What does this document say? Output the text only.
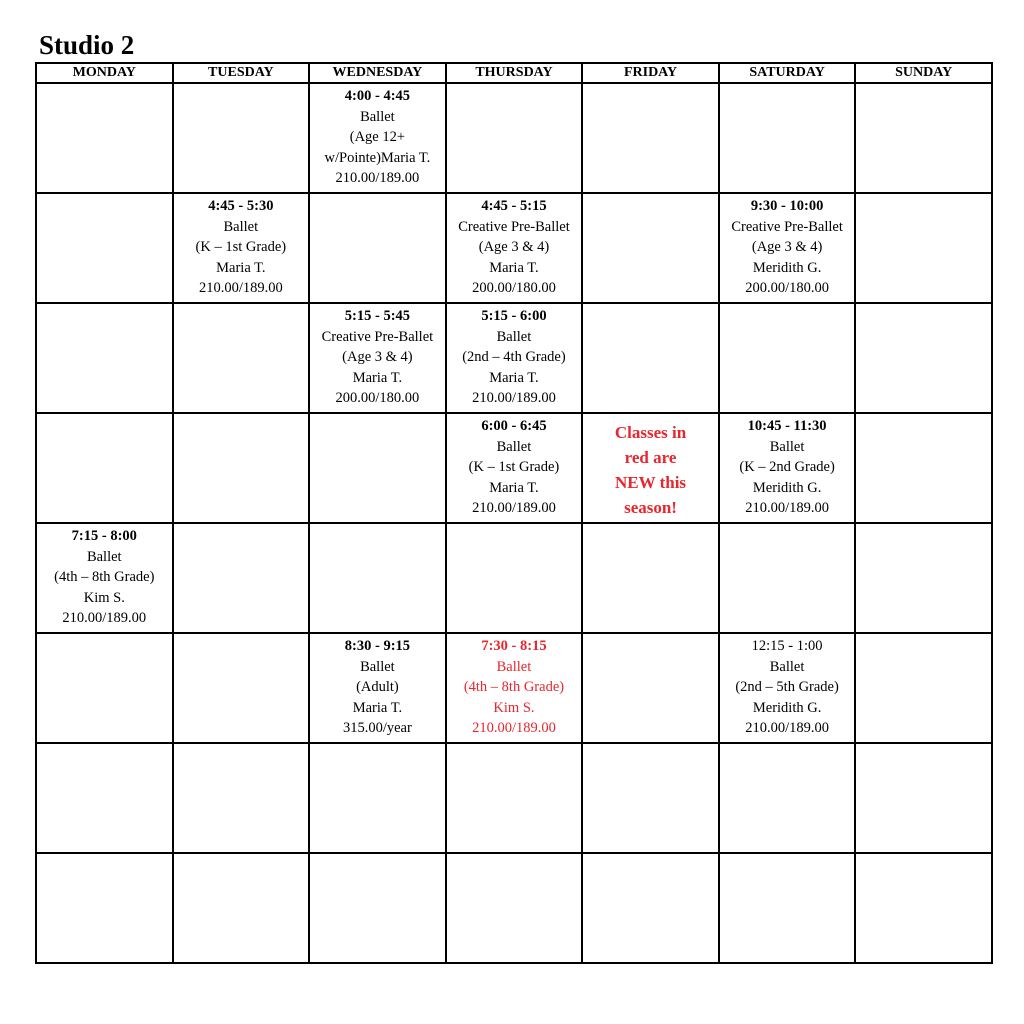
Studio 2
MONDAY	TUESDAY	WEDNESDAY	THURSDAY	FRIDAY	SATURDAY	SUNDAY

		4:00 - 4:45
Ballet
(Age 12+
w/Pointe)Maria T.
210.00/189.00				

	4:45 - 5:30
Ballet
(K – 1st Grade)
Maria T.
210.00/189.00		4:45 - 5:15
Creative Pre-Ballet
(Age 3 & 4)
Maria T.
200.00/180.00		9:30 - 10:00
Creative Pre-Ballet
(Age 3 & 4)
Meridith G.
200.00/180.00	

		5:15 - 5:45
Creative Pre-Ballet
(Age 3 & 4)
Maria T.
200.00/180.00	5:15 - 6:00
Ballet
(2nd – 4th Grade)
Maria T.
210.00/189.00			

			6:00 - 6:45
Ballet
(K – 1st Grade)
Maria T.
210.00/189.00	Classes in
red are
NEW this
season!	10:45 - 11:30
Ballet
(K – 2nd Grade)
Meridith G.
210.00/189.00	

7:15 - 8:00
Ballet
(4th – 8th Grade)
Kim S.
210.00/189.00						

		8:30 - 9:15
Ballet
(Adult)
Maria T.
315.00/year	7:30 - 8:15
Ballet
(4th – 8th Grade)
Kim S.
210.00/189.00		12:15 - 1:00
Ballet
(2nd – 5th Grade)
Meridith G.
210.00/189.00	
